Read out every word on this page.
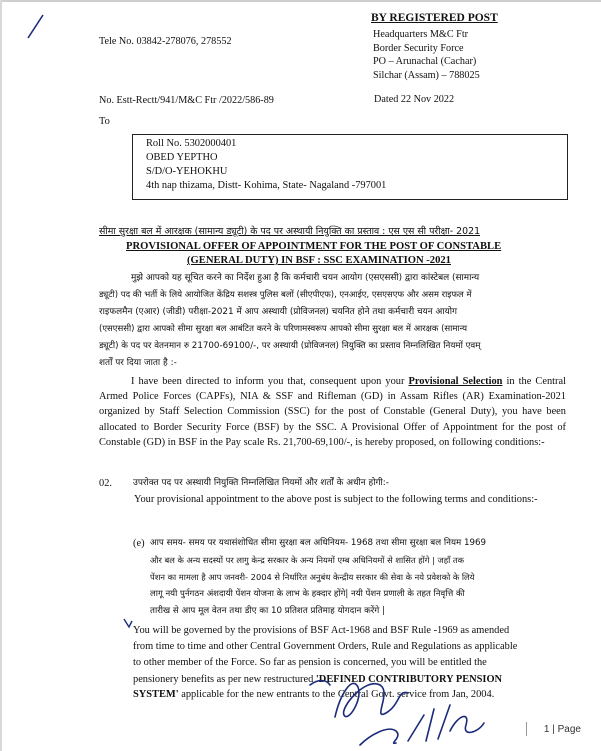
Tele No. 03842-278076, 278552
BY REGISTERED POST
Headquarters M&C Ftr
Border Security Force
PO – Arunachal (Cachar)
Silchar (Assam) – 788025
No. Estt-Rectt/941/M&C Ftr /2022/586-89	Dated 22 Nov 2022
To
Roll No. 5302000401
OBED YEPTHO
S/D/O-YEHOKHU
4th nap thizama, Distt- Kohima, State- Nagaland -797001
सीमा सुरक्षा बल में आरक्षक (सामान्य ड्यूटी) के पद पर अस्थायी नियुक्ति का प्रस्ताव : एस एस सी परीक्षा- 2021
PROVISIONAL OFFER OF APPOINTMENT FOR THE POST OF CONSTABLE
(GENERAL DUTY) IN BSF : SSC EXAMINATION -2021
मुझे आपको यह सूचित करने का निर्देश हुआ है कि कर्मचारी चयन आयोग (एसएससी) द्वारा कांस्टेबल (सामान्य
ड्यूटी) पद की भर्ती के लिये आयोजित केंद्रिय सशस्त्र पुलिस बलों (सीएपीएफ), एनआईए, एसएसएफ और असम राइफल में
राइफलमैन (एआर) (जीडी) परीक्षा-2021 में आप अस्थायी (प्रोविजनल) चयनित होने तथा कर्मचारी चयन आयोग
(एसएससी) द्वारा आपको सीमा सुरक्षा बल आबंटित करने के परिणामस्वरूप आपको सीमा सुरक्षा बल में आरक्षक (सामान्य
ड्यूटी) के पद पर वेतनमान रु 21700-69100/-, पर अस्थायी (प्रोविजनल) नियुक्ति का प्रस्ताव निम्नलिखित नियमों एवम्
शर्तों पर दिया जाता है :-
I have been directed to inform you that, consequent upon your Provisional Selection in the Central Armed Police Forces (CAPFs), NIA & SSF and Rifleman (GD) in Assam Rifles (AR) Examination-2021 organized by Staff Selection Commission (SSC) for the post of Constable (General Duty), you have been allocated to Border Security Force (BSF) by the SSC. A Provisional Offer of Appointment for the post of Constable (GD) in BSF in the Pay scale Rs. 21,700-69,100/-, is hereby proposed, on following conditions:-
02. उपरोक्त पद पर अस्थायी नियुक्ति निम्नलिखित नियमों और शर्तों के अधीन होगी:-
Your provisional appointment to the above post is subject to the following terms and conditions:-
(e) आप समय- समय पर यथासंशोधित सीमा सुरक्षा बल अधिनियम- 1968 तथा सीमा सुरक्षा बल नियम 1969
और बल के अन्य सदस्यों पर लागु केन्द्र सरकार के अन्य नियमों एम्ब अधिनियमों से शासित होंगे | जहाँ तक
पेंशन का मामला है आप जनवरी- 2004 से निर्धारित अनुबंध केन्द्रीय सरकार की सेवा के नये प्रवेशको के लिये
लागू नयी पुर्नगठन अंशदायी पेंशन योजना के लाभ के हक्दार होंगे| नयी पेंशन प्रणाली के तहत निवृत्ति की
तारीख से आप मूल वेतन तथा डीए का 10 प्रतिशत प्रतिमाह योगदान करेंगे |
You will be governed by the provisions of BSF Act-1968 and BSF Rule -1969 as amended
from time to time and other Central Government Orders, Rule and Regulations as applicable
to other member of the Force. So far as pension is concerned, you will be entitled the
pensionery benefits as per new restructured 'DEFINED CONTRIBUTORY PENSION
SYSTEM' applicable for the new entrants to the Central Govt. service from Jan, 2004.
1 | Page
